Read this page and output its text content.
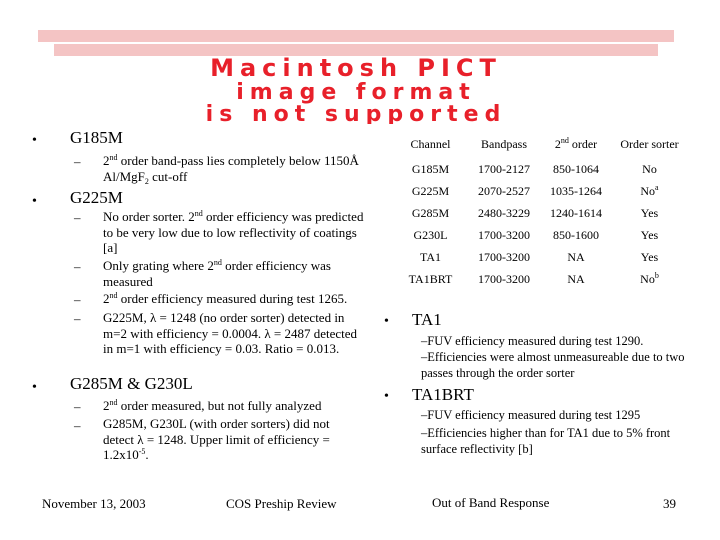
Macintosh PICT
image format
is not supported
• G185M
– 2nd order band-pass lies completely below 1150Å Al/MgF$_2$ cut-off
• G225M
– No order sorter. 2nd order efficiency was predicted to be very low due to low reflectivity of coatings [a]
– Only grating where 2nd order efficiency was measured
– 2nd order efficiency measured during test 1265.
– G225M, λ = 1248 (no order sorter) detected in m=2 with efficiency = 0.0004. λ = 2487 detected in m=1 with efficiency = 0.03. Ratio = 0.013.
• G285M & G230L
– 2nd order measured, but not fully analyzed
– G285M, G230L (with order sorters) did not detect λ = 1248. Upper limit of efficiency = $1.2x10^{-5}$.
Channel	Bandpass	2nd order	Order sorter
G185M	1700-2127	850-1064	No
G225M	2070-2527	1035-1264	No$^a$
G285M	2480-3229	1240-1614	Yes
G230L	1700-3200	850-1600	Yes
TA1	1700-3200	NA	Yes
TA1BRT	1700-3200	NA	No$^b$
• TA1
–FUV efficiency measured during test 1290.
–Efficiencies were almost unmeasureable due to two passes through the order sorter
• TA1BRT
–FUV efficiency measured during test 1295
–Efficiencies higher than for TA1 due to 5% front surface reflectivity [b]
November 13, 2003	COS Preship Review	Out of Band Response	39
